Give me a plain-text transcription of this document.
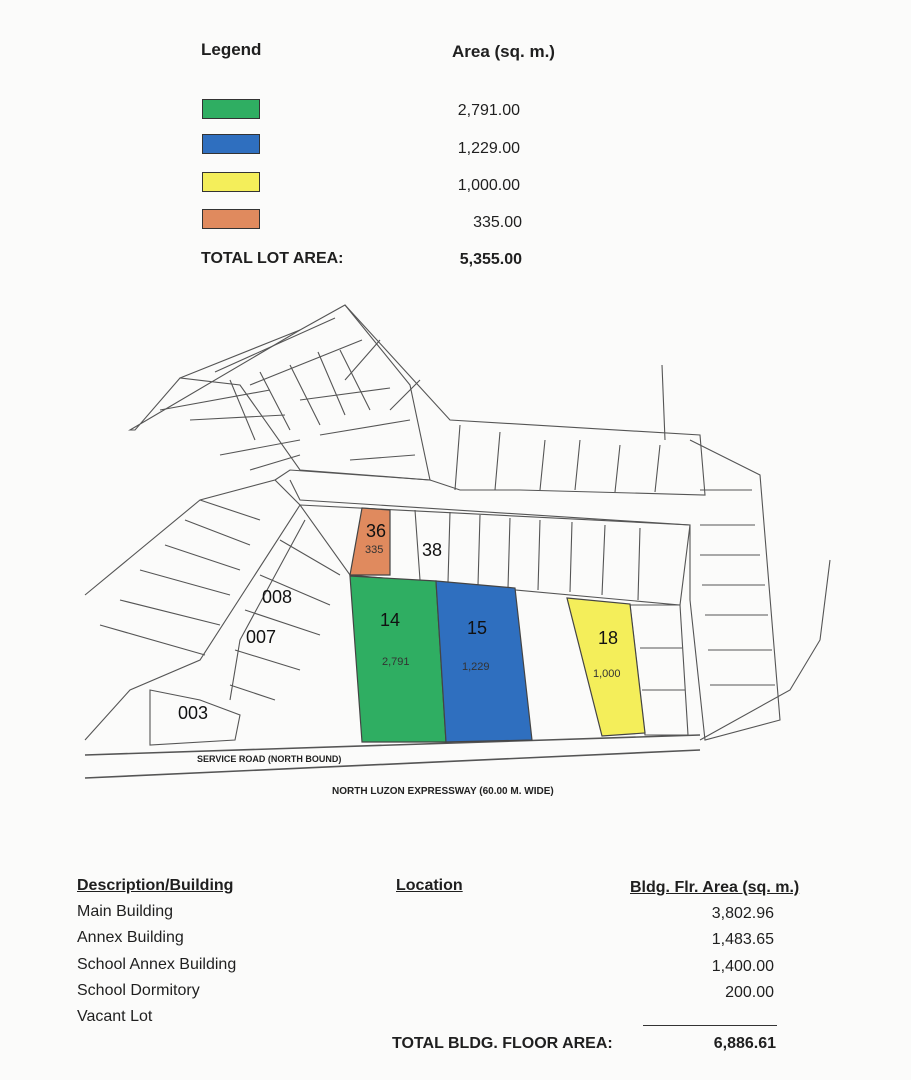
Legend	Area (sq. m.)
2,791.00
1,229.00
1,000.00
335.00
TOTAL LOT AREA:	5,355.00
36
335
14
2,791
15
1,229
18
1,000
38
008
007
003
SERVICE ROAD (NORTH BOUND)
NORTH LUZON EXPRESSWAY (60.00 M. WIDE)
Description/Building	Location	Bldg. Flr. Area (sq. m.)
Main Building	3,802.96
Annex Building	1,483.65
School Annex Building	1,400.00
School Dormitory	200.00
Vacant Lot
TOTAL BLDG. FLOOR AREA:	6,886.61
